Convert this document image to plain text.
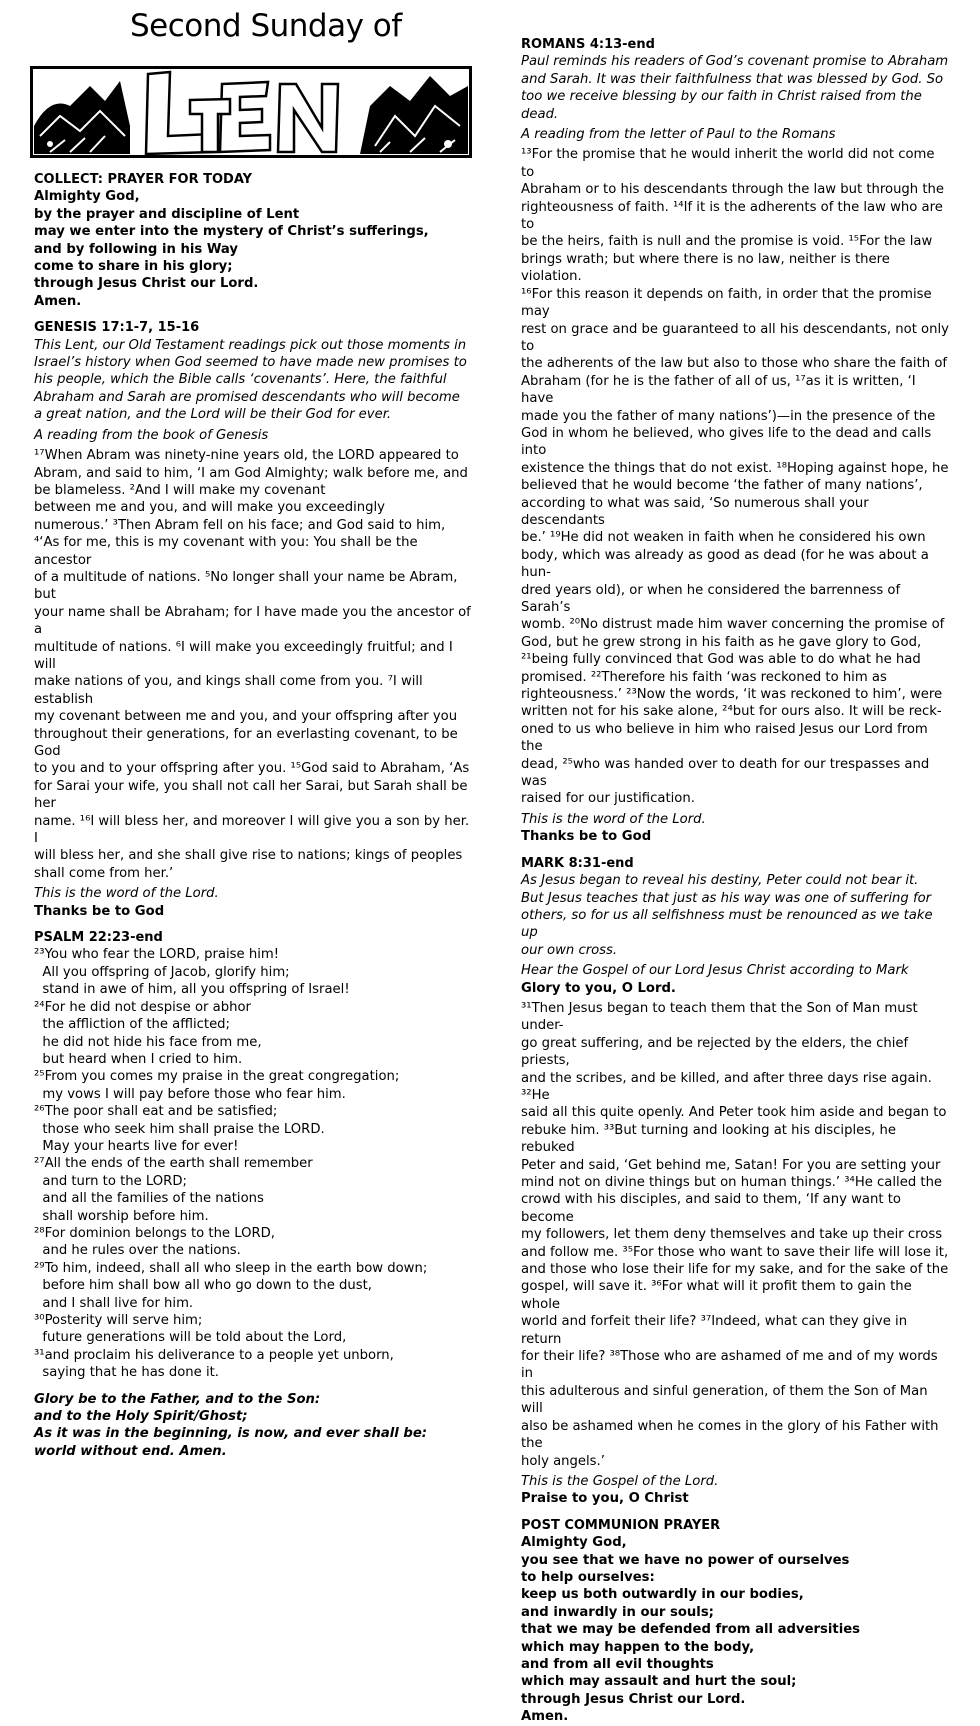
Second Sunday of
LENT

COLLECT: PRAYER FOR TODAY

Almighty God,

by the prayer and discipline of Lent

may we enter into the mystery of Christ’s sufferings,

and by following in his Way

come to share in his glory;

through Jesus Christ our Lord.

Amen.

GENESIS 17:1-7, 15-16

This Lent, our Old Testament readings pick out those moments in Israel’s history when God seemed to have made new promises to his people, which the Bible calls ‘covenants’. Here, the faithful Abraham and Sarah are promised descendants who will become a great nation, and the Lord will be their God for ever.

A reading from the book of Genesis

¹⁷When Abram was ninety-nine years old, the LORD appeared to

Abram, and said to him, ‘I am God Almighty; walk before me, and

be blameless. ²And I will make my covenant

between me and you, and will make you exceedingly

numerous.’ ³Then Abram fell on his face; and God said to him,

⁴‘As for me, this is my covenant with you: You shall be the ancestor

of a multitude of nations. ⁵No longer shall your name be Abram, but

your name shall be Abraham; for I have made you the ancestor of a

multitude of nations. ⁶I will make you exceedingly fruitful; and I will

make nations of you, and kings shall come from you. ⁷I will establish

my covenant between me and you, and your offspring after you

throughout their generations, for an everlasting covenant, to be God

to you and to your offspring after you. ¹⁵God said to Abraham, ‘As

for Sarai your wife, you shall not call her Sarai, but Sarah shall be her

name. ¹⁶I will bless her, and moreover I will give you a son by her. I

will bless her, and she shall give rise to nations; kings of peoples

shall come from her.’

This is the word of the Lord.

Thanks be to God

PSALM 22:23-end

²³You who fear the LORD, praise him!

All you offspring of Jacob, glorify him;

stand in awe of him, all you offspring of Israel!

²⁴For he did not despise or abhor

the affliction of the afflicted;

he did not hide his face from me,

but heard when I cried to him.

²⁵From you comes my praise in the great congregation;

my vows I will pay before those who fear him.

²⁶The poor shall eat and be satisfied;

those who seek him shall praise the LORD.

May your hearts live for ever!

²⁷All the ends of the earth shall remember

and turn to the LORD;

and all the families of the nations

shall worship before him.

²⁸For dominion belongs to the LORD,

and he rules over the nations.

²⁹To him, indeed, shall all who sleep in the earth bow down;

before him shall bow all who go down to the dust,

and I shall live for him.

³⁰Posterity will serve him;

future generations will be told about the Lord,

³¹and proclaim his deliverance to a people yet unborn,

saying that he has done it.

Glory be to the Father, and to the Son:

and to the Holy Spirit/Ghost;

As it was in the beginning, is now, and ever shall be:

world without end. Amen.

ROMANS 4:13-end

Paul reminds his readers of God’s covenant promise to Abraham and Sarah. It was their faithfulness that was blessed by God. So too we receive blessing by our faith in Christ raised from the dead.

A reading from the letter of Paul to the Romans

¹³For the promise that he would inherit the world did not come to

Abraham or to his descendants through the law but through the

righteousness of faith. ¹⁴If it is the adherents of the law who are to

be the heirs, faith is null and the promise is void. ¹⁵For the law

brings wrath; but where there is no law, neither is there violation.

¹⁶For this reason it depends on faith, in order that the promise may

rest on grace and be guaranteed to all his descendants, not only to

the adherents of the law but also to those who share the faith of

Abraham (for he is the father of all of us, ¹⁷as it is written, ‘I have

made you the father of many nations’)—in the presence of the

God in whom he believed, who gives life to the dead and calls into

existence the things that do not exist. ¹⁸Hoping against hope, he

believed that he would become ‘the father of many nations’,

according to what was said, ‘So numerous shall your descendants

be.’ ¹⁹He did not weaken in faith when he considered his own

body, which was already as good as dead (for he was about a hun-

dred years old), or when he considered the barrenness of Sarah’s

womb. ²⁰No distrust made him waver concerning the promise of

God, but he grew strong in his faith as he gave glory to God,

²¹being fully convinced that God was able to do what he had

promised. ²²Therefore his faith ‘was reckoned to him as

righteousness.’ ²³Now the words, ‘it was reckoned to him’, were

written not for his sake alone, ²⁴but for ours also. It will be reck-

oned to us who believe in him who raised Jesus our Lord from the

dead, ²⁵who was handed over to death for our trespasses and was

raised for our justification.

This is the word of the Lord.

Thanks be to God

MARK 8:31-end

As Jesus began to reveal his destiny, Peter could not bear it.

But Jesus teaches that just as his way was one of suffering for

others, so for us all selfishness must be renounced as we take up

our own cross.

Hear the Gospel of our Lord Jesus Christ according to Mark

Glory to you, O Lord.

³¹Then Jesus began to teach them that the Son of Man must under-

go great suffering, and be rejected by the elders, the chief priests,

and the scribes, and be killed, and after three days rise again. ³²He

said all this quite openly. And Peter took him aside and began to

rebuke him. ³³But turning and looking at his disciples, he rebuked

Peter and said, ‘Get behind me, Satan! For you are setting your

mind not on divine things but on human things.’ ³⁴He called the

crowd with his disciples, and said to them, ‘If any want to become

my followers, let them deny themselves and take up their cross

and follow me. ³⁵For those who want to save their life will lose it,

and those who lose their life for my sake, and for the sake of the

gospel, will save it. ³⁶For what will it profit them to gain the whole

world and forfeit their life? ³⁷Indeed, what can they give in return

for their life? ³⁸Those who are ashamed of me and of my words in

this adulterous and sinful generation, of them the Son of Man will

also be ashamed when he comes in the glory of his Father with the

holy angels.’

This is the Gospel of the Lord.

Praise to you, O Christ

POST COMMUNION PRAYER

Almighty God,

you see that we have no power of ourselves

to help ourselves:

keep us both outwardly in our bodies,

and inwardly in our souls;

that we may be defended from all adversities

which may happen to the body,

and from all evil thoughts

which may assault and hurt the soul;

through Jesus Christ our Lord.

Amen.
